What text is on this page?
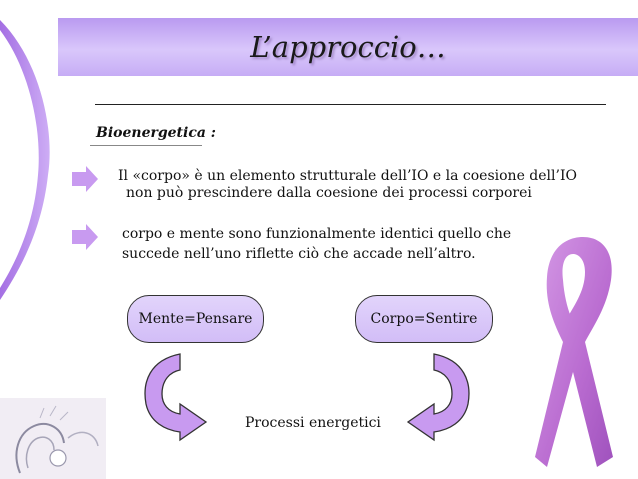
L’approccio…
Bioenergetica :
Il «corpo» è un elemento strutturale dell’IO e la coesione dell’IO
non può prescindere dalla coesione dei processi corporei
corpo e mente sono funzionalmente identici quello che
succede nell’uno riflette ciò che accade nell’altro.
Mente=Pensare	Corpo=Sentire
Processi energetici
